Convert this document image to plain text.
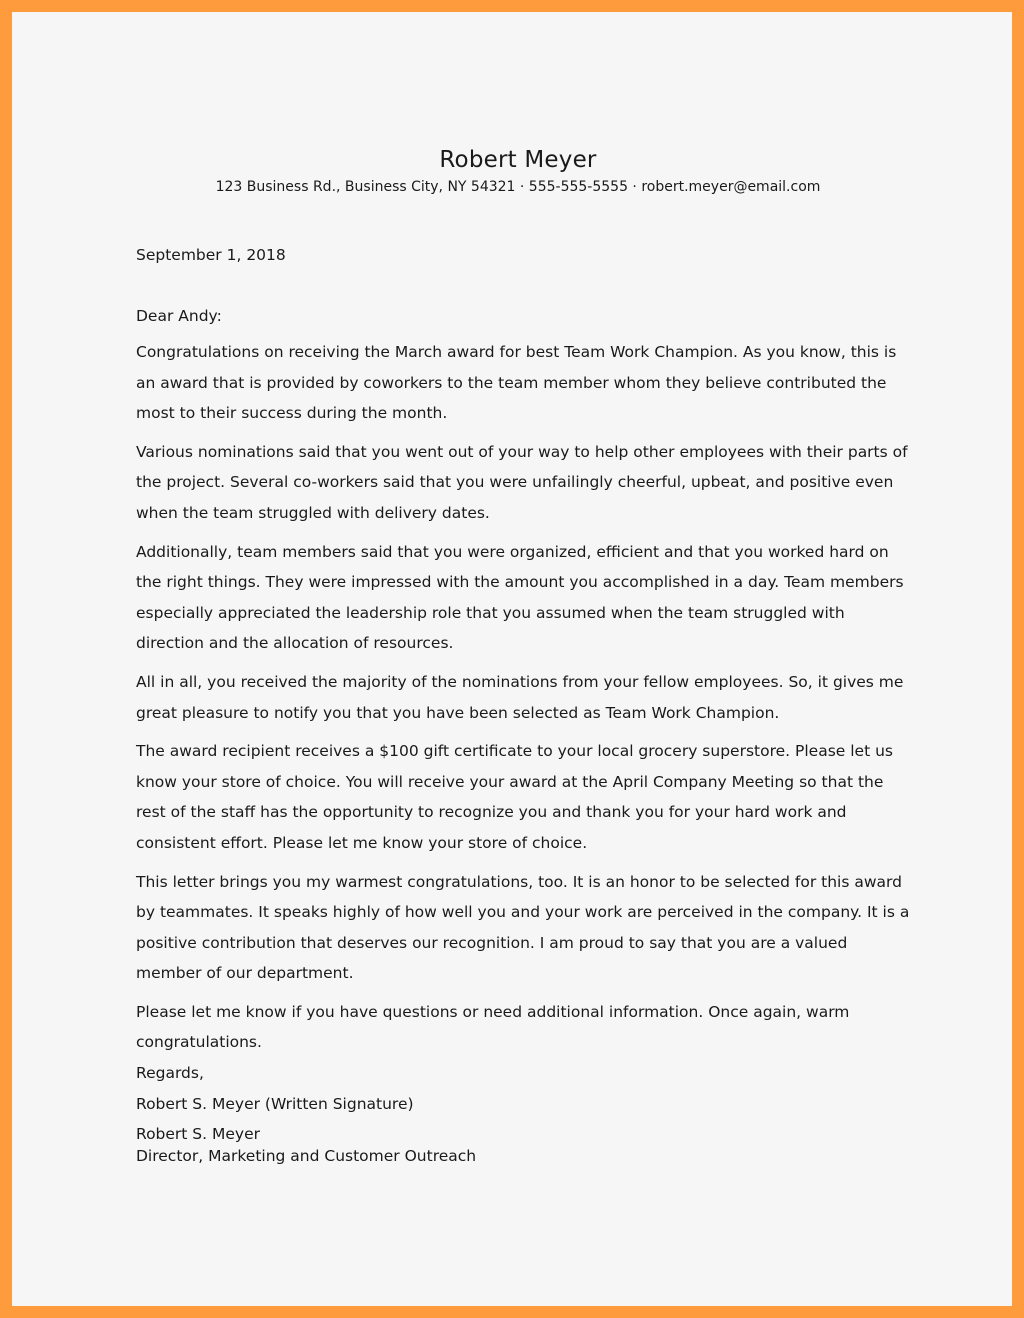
Robert Meyer
123 Business Rd., Business City, NY 54321 · 555-555-5555 · robert.meyer@email.com
September 1, 2018
Dear Andy:

Congratulations on receiving the March award for best Team Work Champion. As you know, this is an award that is provided by coworkers to the team member whom they believe contributed the most to their success during the month.

Various nominations said that you went out of your way to help other employees with their parts of the project. Several co-workers said that you were unfailingly cheerful, upbeat, and positive even when the team struggled with delivery dates.

Additionally, team members said that you were organized, efficient and that you worked hard on the right things. They were impressed with the amount you accomplished in a day. Team members especially appreciated the leadership role that you assumed when the team struggled with direction and the allocation of resources.

All in all, you received the majority of the nominations from your fellow employees. So, it gives me great pleasure to notify you that you have been selected as Team Work Champion.

The award recipient receives a $100 gift certificate to your local grocery superstore. Please let us know your store of choice. You will receive your award at the April Company Meeting so that the rest of the staff has the opportunity to recognize you and thank you for your hard work and consistent effort. Please let me know your store of choice.

This letter brings you my warmest congratulations, too. It is an honor to be selected for this award by teammates. It speaks highly of how well you and your work are perceived in the company. It is a positive contribution that deserves our recognition. I am proud to say that you are a valued member of our department.

Please let me know if you have questions or need additional information. Once again, warm congratulations.

Regards,

Robert S. Meyer (Written Signature)

Robert S. Meyer
Director, Marketing and Customer Outreach
